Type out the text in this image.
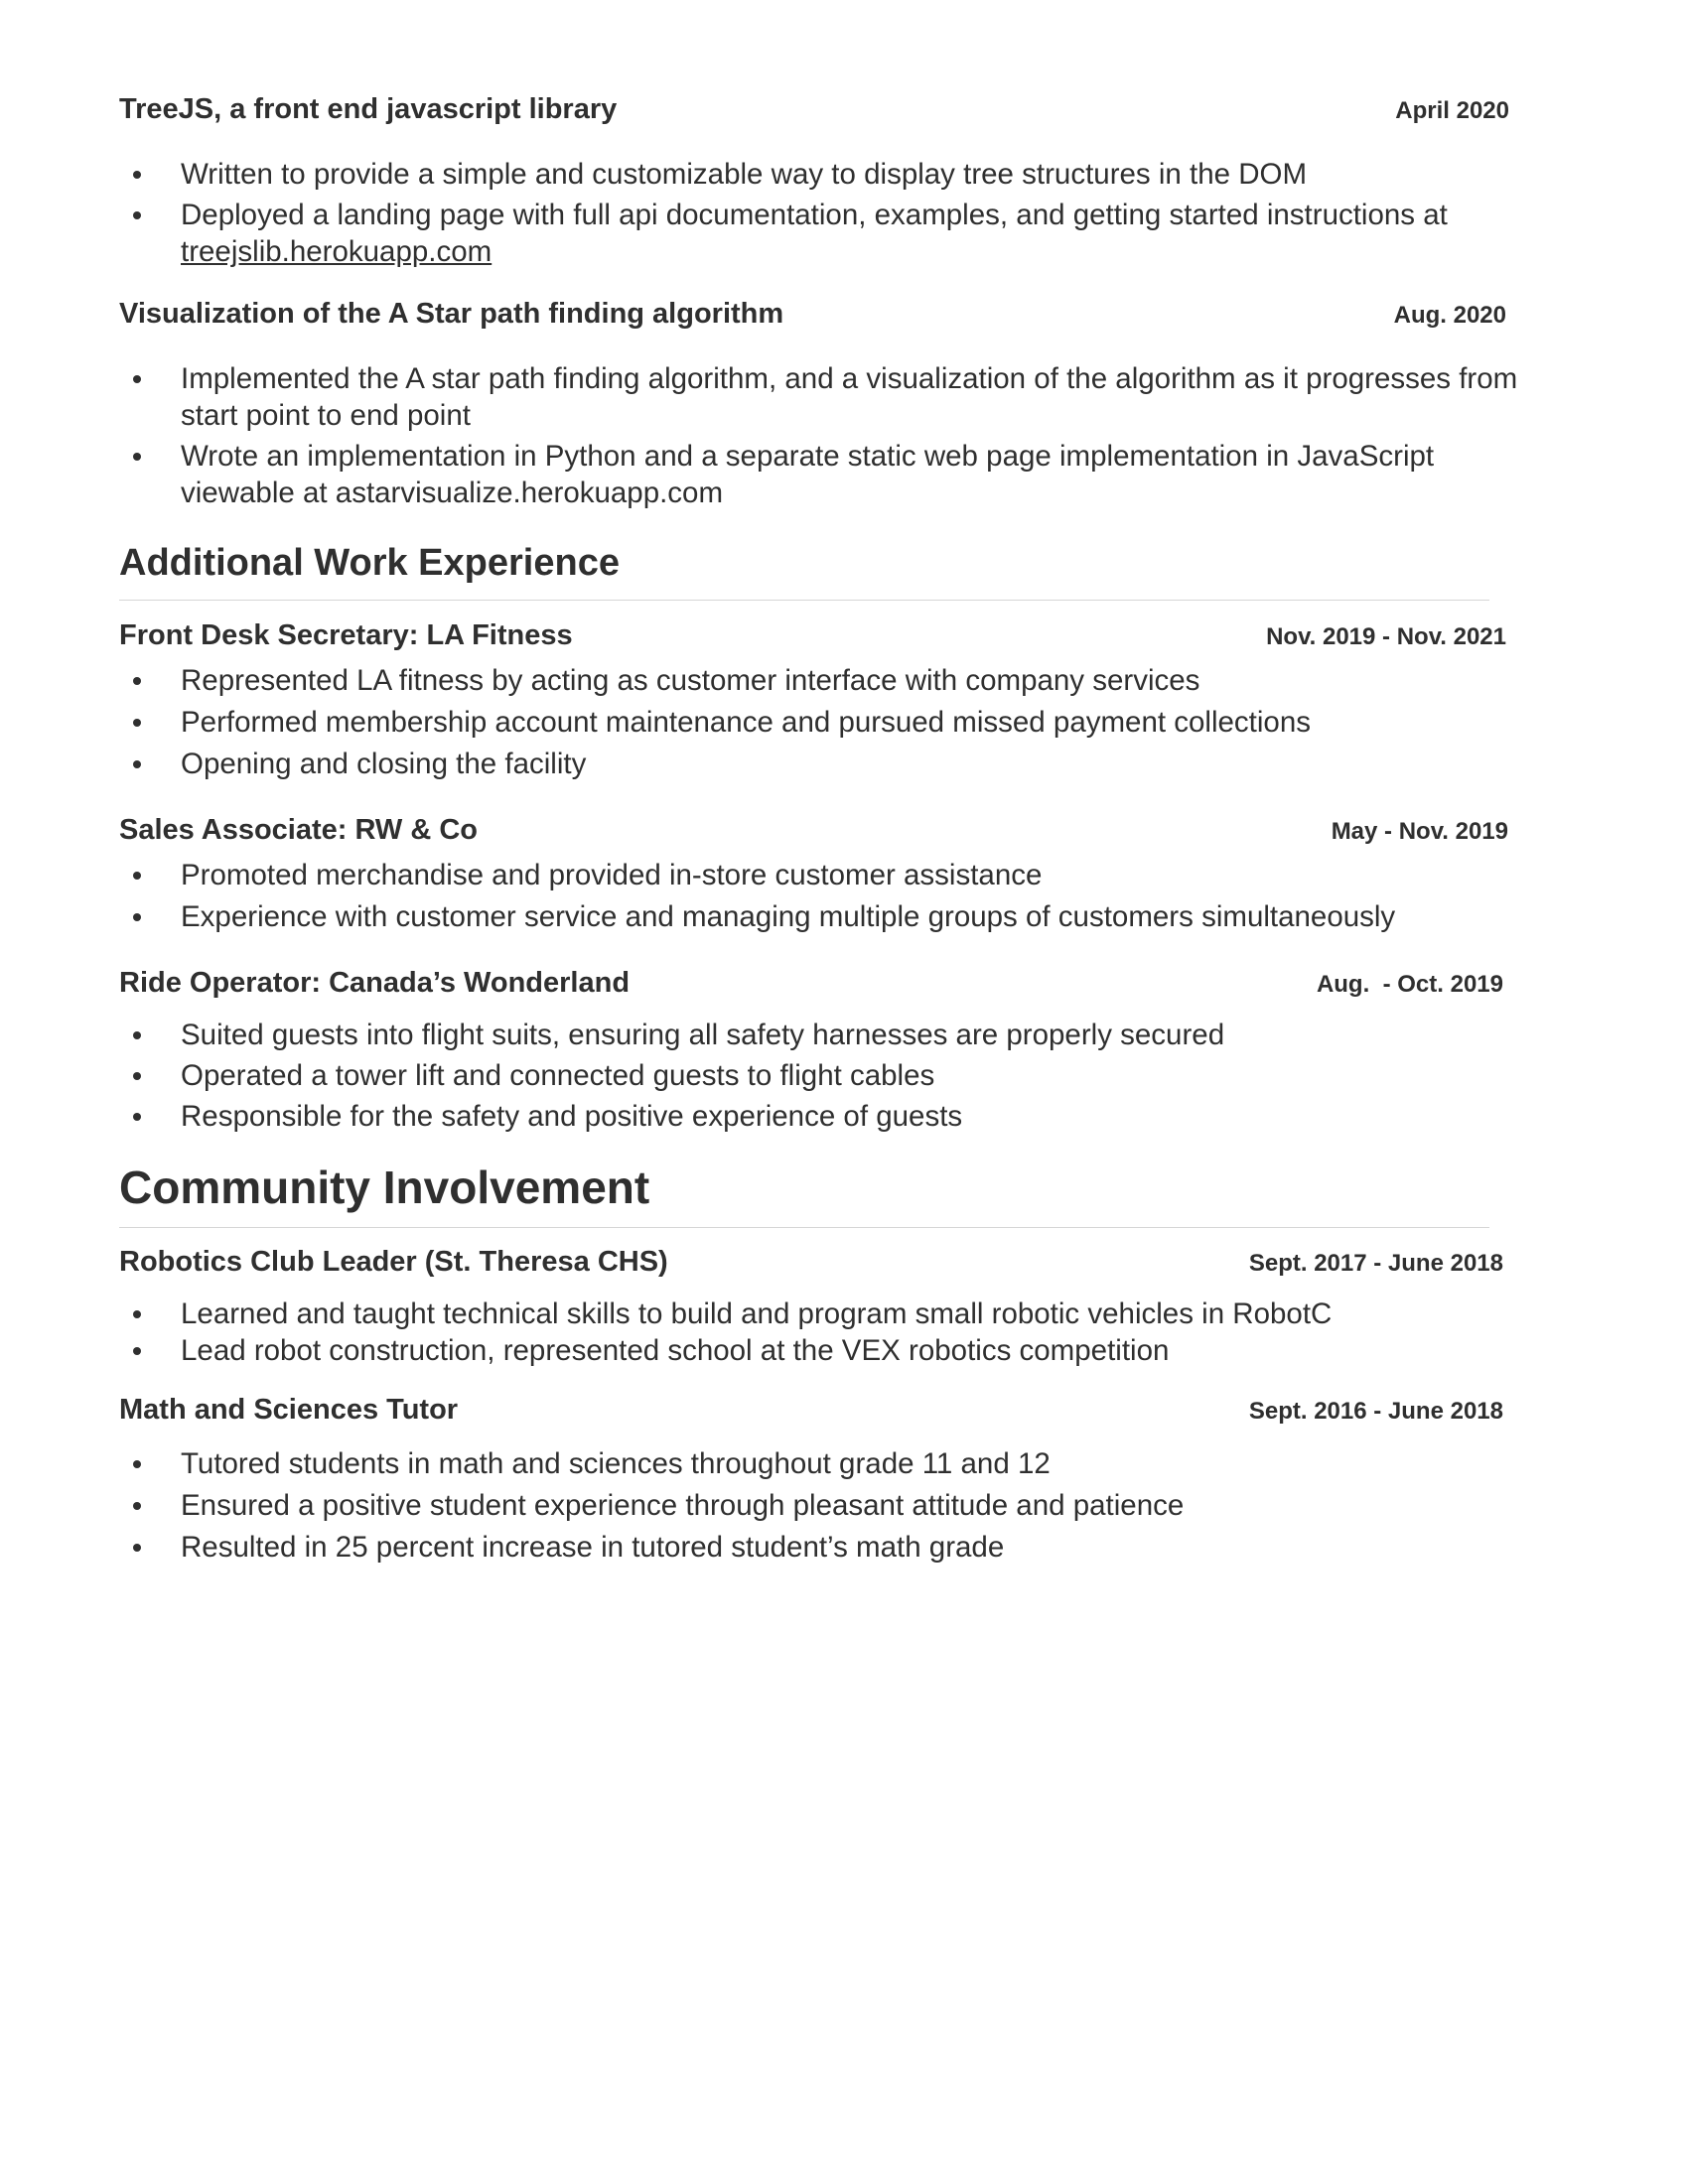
TreeJS, a front end javascript library	April 2020
Written to provide a simple and customizable way to display tree structures in the DOM
Deployed a landing page with full api documentation, examples, and getting started instructions at
treejslib.herokuapp.com
Visualization of the A Star path finding algorithm	Aug. 2020
Implemented the A star path finding algorithm, and a visualization of the algorithm as it progresses from start point to end point
Wrote an implementation in Python and a separate static web page implementation in JavaScript viewable at astarvisualize.herokuapp.com
Additional Work Experience
Front Desk Secretary: LA Fitness	Nov. 2019 - Nov. 2021
Represented LA fitness by acting as customer interface with company services
Performed membership account maintenance and pursued missed payment collections
Opening and closing the facility
Sales Associate: RW & Co	May - Nov. 2019
Promoted merchandise and provided in-store customer assistance
Experience with customer service and managing multiple groups of customers simultaneously
Ride Operator: Canada’s Wonderland	Aug.  - Oct. 2019
Suited guests into flight suits, ensuring all safety harnesses are properly secured
Operated a tower lift and connected guests to flight cables
Responsible for the safety and positive experience of guests
Community Involvement
Robotics Club Leader (St. Theresa CHS)	Sept. 2017 - June 2018
Learned and taught technical skills to build and program small robotic vehicles in RobotC
Lead robot construction, represented school at the VEX robotics competition
Math and Sciences Tutor	Sept. 2016 - June 2018
Tutored students in math and sciences throughout grade 11 and 12
Ensured a positive student experience through pleasant attitude and patience
Resulted in 25 percent increase in tutored student’s math grade
